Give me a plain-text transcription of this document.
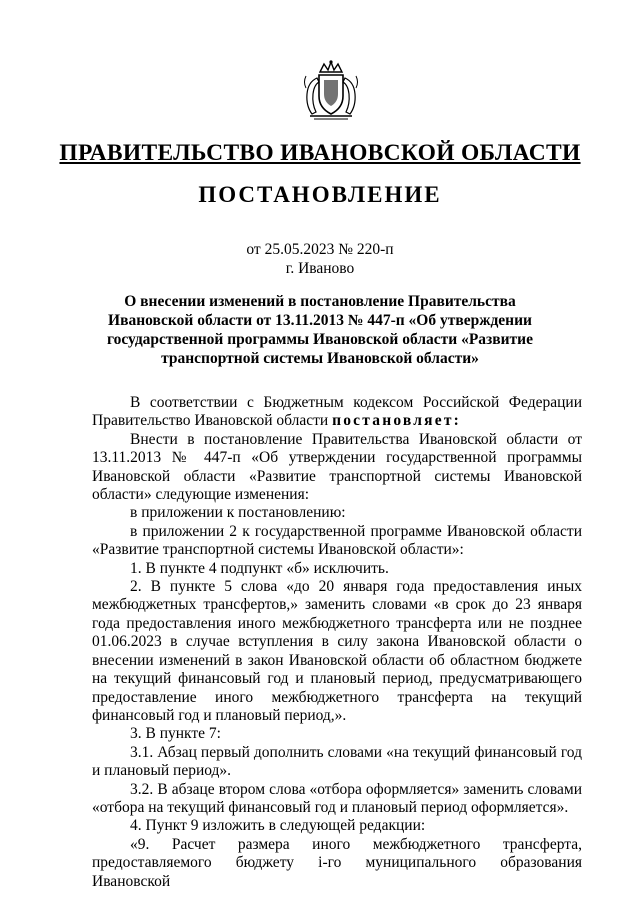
ПРАВИТЕЛЬСТВО ИВАНОВСКОЙ ОБЛАСТИ
ПОСТАНОВЛЕНИЕ
от 25.05.2023 № 220-п
г. Иваново
О внесении изменений в постановление Правительства Ивановской области от 13.11.2013 № 447-п «Об утверждении государственной программы Ивановской области «Развитие транспортной системы Ивановской области»

В соответствии с Бюджетным кодексом Российской Федерации Правительство Ивановской области постановляет:

Внести в постановление Правительства Ивановской области от 13.11.2013 № 447-п «Об утверждении государственной программы Ивановской области «Развитие транспортной системы Ивановской области» следующие изменения:

в приложении к постановлению:

в приложении 2 к государственной программе Ивановской области «Развитие транспортной системы Ивановской области»:

1. В пункте 4 подпункт «б» исключить.

2. В пункте 5 слова «до 20 января года предоставления иных межбюджетных трансфертов,» заменить словами «в срок до 23 января года предоставления иного межбюджетного трансферта или не позднее 01.06.2023 в случае вступления в силу закона Ивановской области о внесении изменений в закон Ивановской области об областном бюджете на текущий финансовый год и плановый период, предусматривающего предоставление иного межбюджетного трансферта на текущий финансовый год и плановый период,».

3. В пункте 7:

3.1. Абзац первый дополнить словами «на текущий финансовый год и плановый период».

3.2. В абзаце втором слова «отбора оформляется» заменить словами «отбора на текущий финансовый год и плановый период оформляется».

4. Пункт 9 изложить в следующей редакции:

«9. Расчет размера иного межбюджетного трансферта, предоставляемого бюджету i-го муниципального образования Ивановской
